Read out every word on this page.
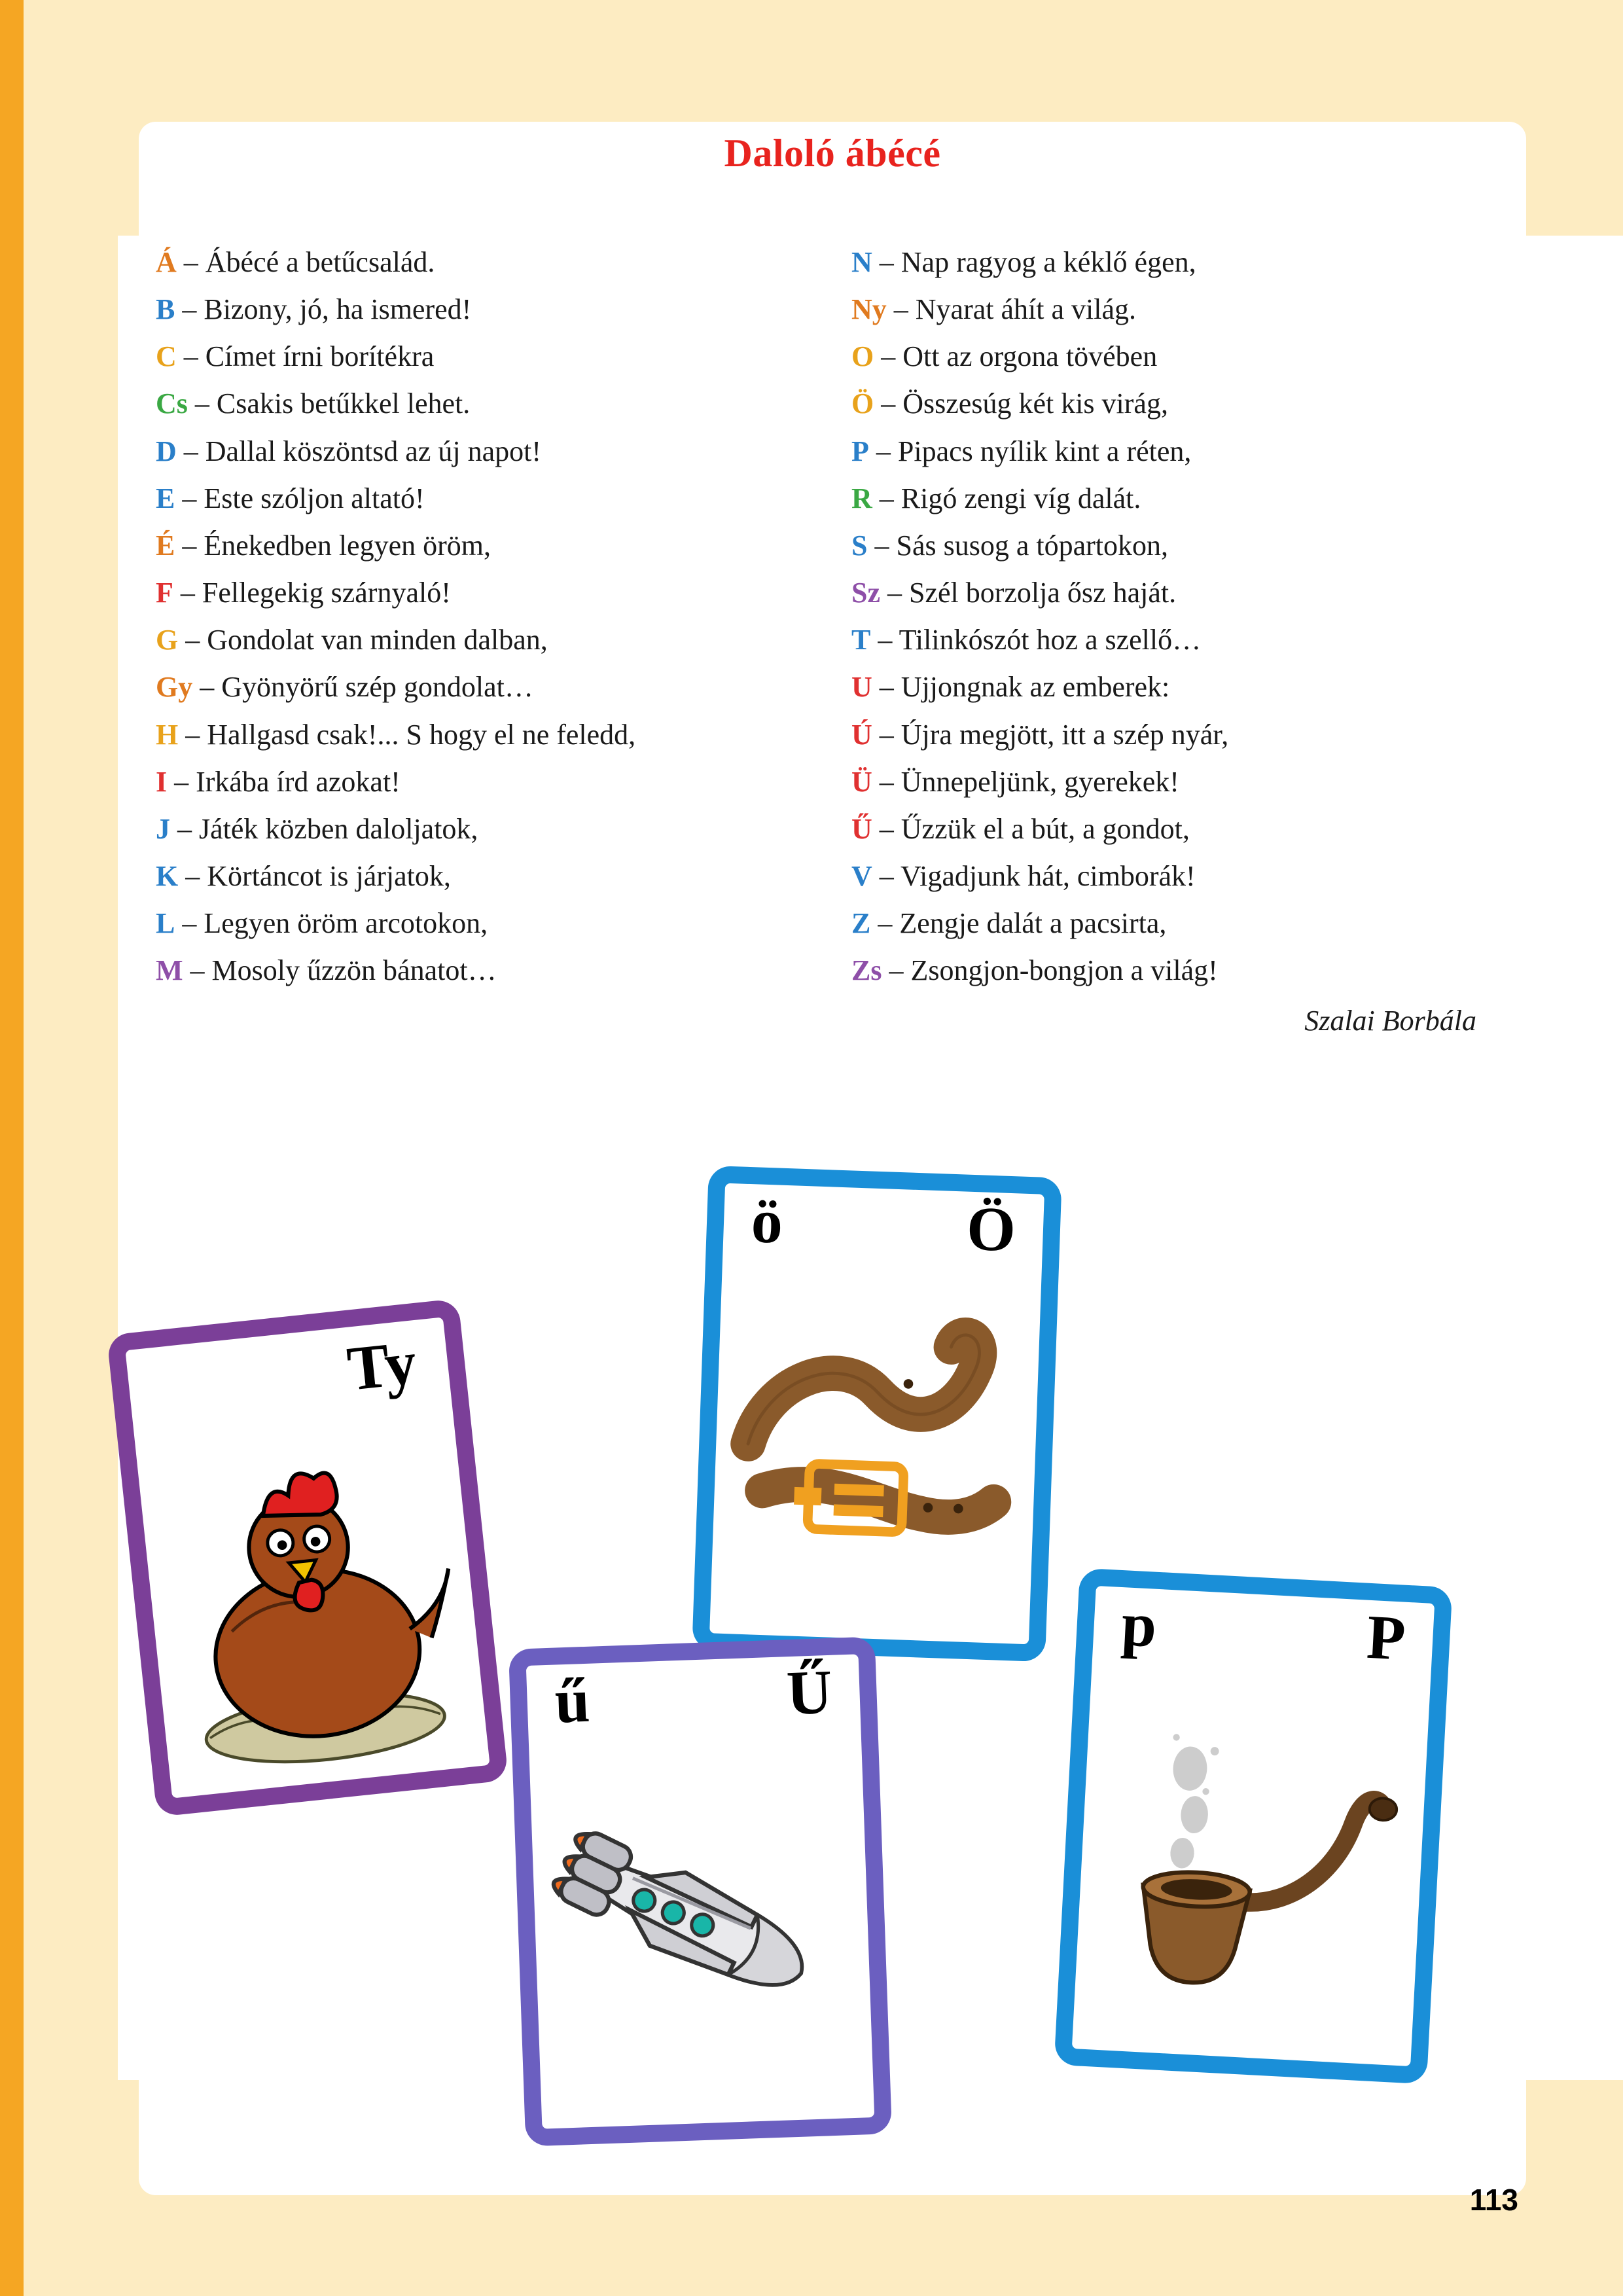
Daloló ábécé
Á – Ábécé a betűcsalád.
B – Bizony, jó, ha ismered!
C – Címet írni borítékra
Cs – Csakis betűkkel lehet.
D – Dallal köszöntsd az új napot!
E – Este szóljon altató!
É – Énekedben legyen öröm,
F – Fellegekig szárnyaló!
G – Gondolat van minden dalban,
Gy – Gyönyörű szép gondolat…
H – Hallgasd csak!... S hogy el ne feledd,
I – Irkába írd azokat!
J – Játék közben daloljatok,
K – Körtáncot is járjatok,
L – Legyen öröm arcotokon,
M – Mosoly űzzön bánatot…
N – Nap ragyog a kéklő égen,
Ny – Nyarat áhít a világ.
O – Ott az orgona tövében
Ö – Összesúg két kis virág,
P – Pipacs nyílik kint a réten,
R – Rigó zengi víg dalát.
S – Sás susog a tópartokon,
Sz – Szél borzolja ősz haját.
T – Tilinkószót hoz a szellő…
U – Ujjongnak az emberek:
Ú – Újra megjött, itt a szép nyár,
Ü – Ünnepeljünk, gyerekek!
Ű – Űzzük el a bút, a gondot,
V – Vigadjunk hát, cimborák!
Z – Zengje dalát a pacsirta,
Zs – Zsongjon-bongjon a világ!
Szalai Borbála
Ty
ö	Ö
ű	Ű
p	P
113
